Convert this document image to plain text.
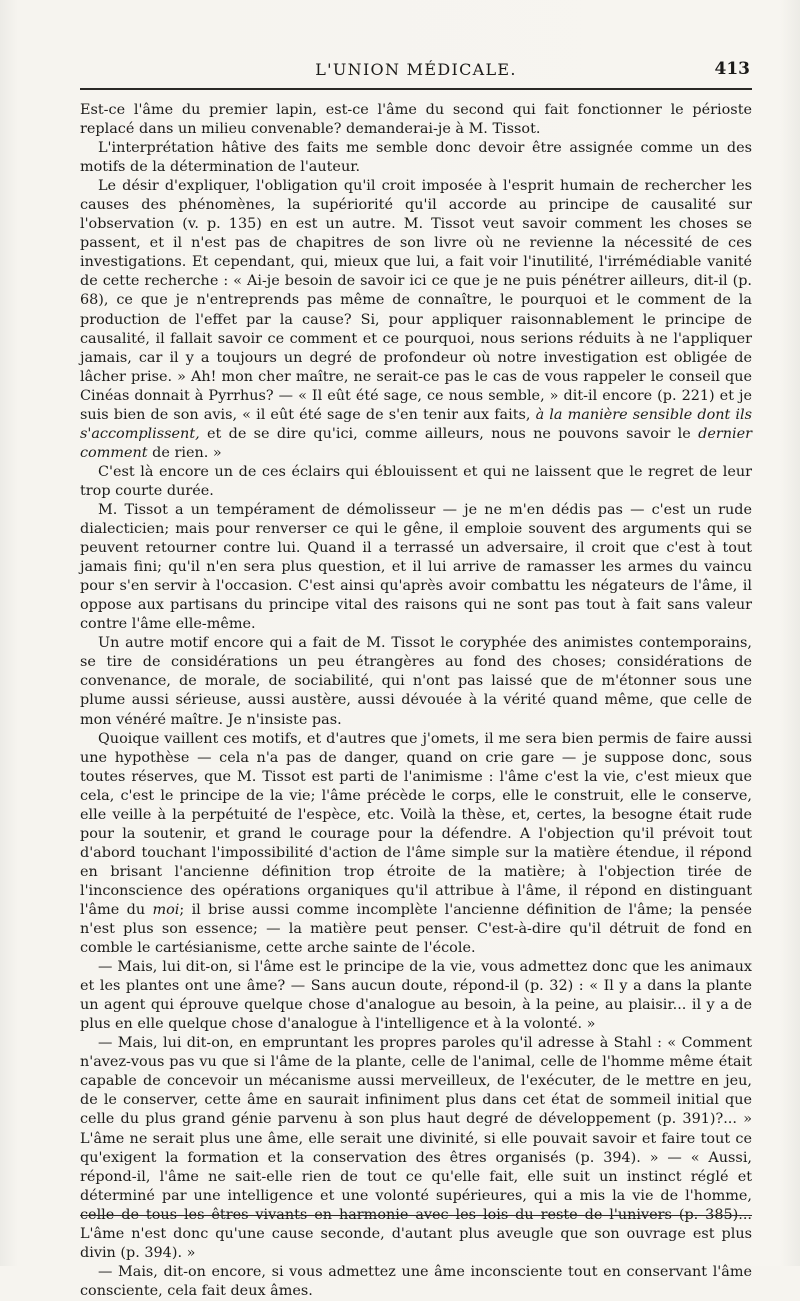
L'UNION MÉDICALE.	413

Est-ce l'âme du premier lapin, est-ce l'âme du second qui fait fonctionner le périoste replacé dans un milieu convenable? demanderai-je à M. Tissot.

L'interprétation hâtive des faits me semble donc devoir être assignée comme un des motifs de la détermination de l'auteur.

Le désir d'expliquer, l'obligation qu'il croit imposée à l'esprit humain de rechercher les causes des phénomènes, la supériorité qu'il accorde au principe de causalité sur l'observation (v. p. 135) en est un autre. M. Tissot veut savoir comment les choses se passent, et il n'est pas de chapitres de son livre où ne revienne la nécessité de ces investigations. Et cependant, qui, mieux que lui, a fait voir l'inutilité, l'irrémédiable vanité de cette recherche : « Ai-je besoin de savoir ici ce que je ne puis pénétrer ailleurs, dit-il (p. 68), ce que je n'entreprends pas même de connaître, le pourquoi et le comment de la production de l'effet par la cause? Si, pour appliquer raisonnablement le principe de causalité, il fallait savoir ce comment et ce pourquoi, nous serions réduits à ne l'appliquer jamais, car il y a toujours un degré de profondeur où notre investigation est obligée de lâcher prise. » Ah! mon cher maître, ne serait-ce pas le cas de vous rappeler le conseil que Cinéas donnait à Pyrrhus? — « Il eût été sage, ce nous semble, » dit-il encore (p. 221) et je suis bien de son avis, « il eût été sage de s'en tenir aux faits, à la manière sensible dont ils s'accomplissent, et de se dire qu'ici, comme ailleurs, nous ne pouvons savoir le dernier comment de rien. »

C'est là encore un de ces éclairs qui éblouissent et qui ne laissent que le regret de leur trop courte durée.

M. Tissot a un tempérament de démolisseur — je ne m'en dédis pas — c'est un rude dialecticien; mais pour renverser ce qui le gêne, il emploie souvent des arguments qui se peuvent retourner contre lui. Quand il a terrassé un adversaire, il croit que c'est à tout jamais fini; qu'il n'en sera plus question, et il lui arrive de ramasser les armes du vaincu pour s'en servir à l'occasion. C'est ainsi qu'après avoir combattu les négateurs de l'âme, il oppose aux partisans du principe vital des raisons qui ne sont pas tout à fait sans valeur contre l'âme elle-même.

Un autre motif encore qui a fait de M. Tissot le coryphée des animistes contemporains, se tire de considérations un peu étrangères au fond des choses; considérations de convenance, de morale, de sociabilité, qui n'ont pas laissé que de m'étonner sous une plume aussi sérieuse, aussi austère, aussi dévouée à la vérité quand même, que celle de mon vénéré maître. Je n'insiste pas.

Quoique vaillent ces motifs, et d'autres que j'omets, il me sera bien permis de faire aussi une hypothèse — cela n'a pas de danger, quand on crie gare — je suppose donc, sous toutes réserves, que M. Tissot est parti de l'animisme : l'âme c'est la vie, c'est mieux que cela, c'est le principe de la vie; l'âme précède le corps, elle le construit, elle le conserve, elle veille à la perpétuité de l'espèce, etc. Voilà la thèse, et, certes, la besogne était rude pour la soutenir, et grand le courage pour la défendre. A l'objection qu'il prévoit tout d'abord touchant l'impossibilité d'action de l'âme simple sur la matière étendue, il répond en brisant l'ancienne définition trop étroite de la matière; à l'objection tirée de l'inconscience des opérations organiques qu'il attribue à l'âme, il répond en distinguant l'âme du moi; il brise aussi comme incomplète l'ancienne définition de l'âme; la pensée n'est plus son essence; — la matière peut penser. C'est-à-dire qu'il détruit de fond en comble le cartésianisme, cette arche sainte de l'école.

— Mais, lui dit-on, si l'âme est le principe de la vie, vous admettez donc que les animaux et les plantes ont une âme? — Sans aucun doute, répond-il (p. 32) : « Il y a dans la plante un agent qui éprouve quelque chose d'analogue au besoin, à la peine, au plaisir... il y a de plus en elle quelque chose d'analogue à l'intelligence et à la volonté. »

— Mais, lui dit-on, en empruntant les propres paroles qu'il adresse à Stahl : « Comment n'avez-vous pas vu que si l'âme de la plante, celle de l'animal, celle de l'homme même était capable de concevoir un mécanisme aussi merveilleux, de l'exécuter, de le mettre en jeu, de le conserver, cette âme en saurait infiniment plus dans cet état de sommeil initial que celle du plus grand génie parvenu à son plus haut degré de développement (p. 391)?... » L'âme ne serait plus une âme, elle serait une divinité, si elle pouvait savoir et faire tout ce qu'exigent la formation et la conservation des êtres organisés (p. 394). » — « Aussi, répond-il, l'âme ne sait-elle rien de tout ce qu'elle fait, elle suit un instinct réglé et déterminé par une intelligence et une volonté supérieures, qui a mis la vie de l'homme, celle de tous les êtres vivants en harmonie avec les lois du reste de l'univers (p. 385)... L'âme n'est donc qu'une cause seconde, d'autant plus aveugle que son ouvrage est plus divin (p. 394). »

— Mais, dit-on encore, si vous admettez une âme inconsciente tout en conservant l'âme consciente, cela fait deux âmes.
